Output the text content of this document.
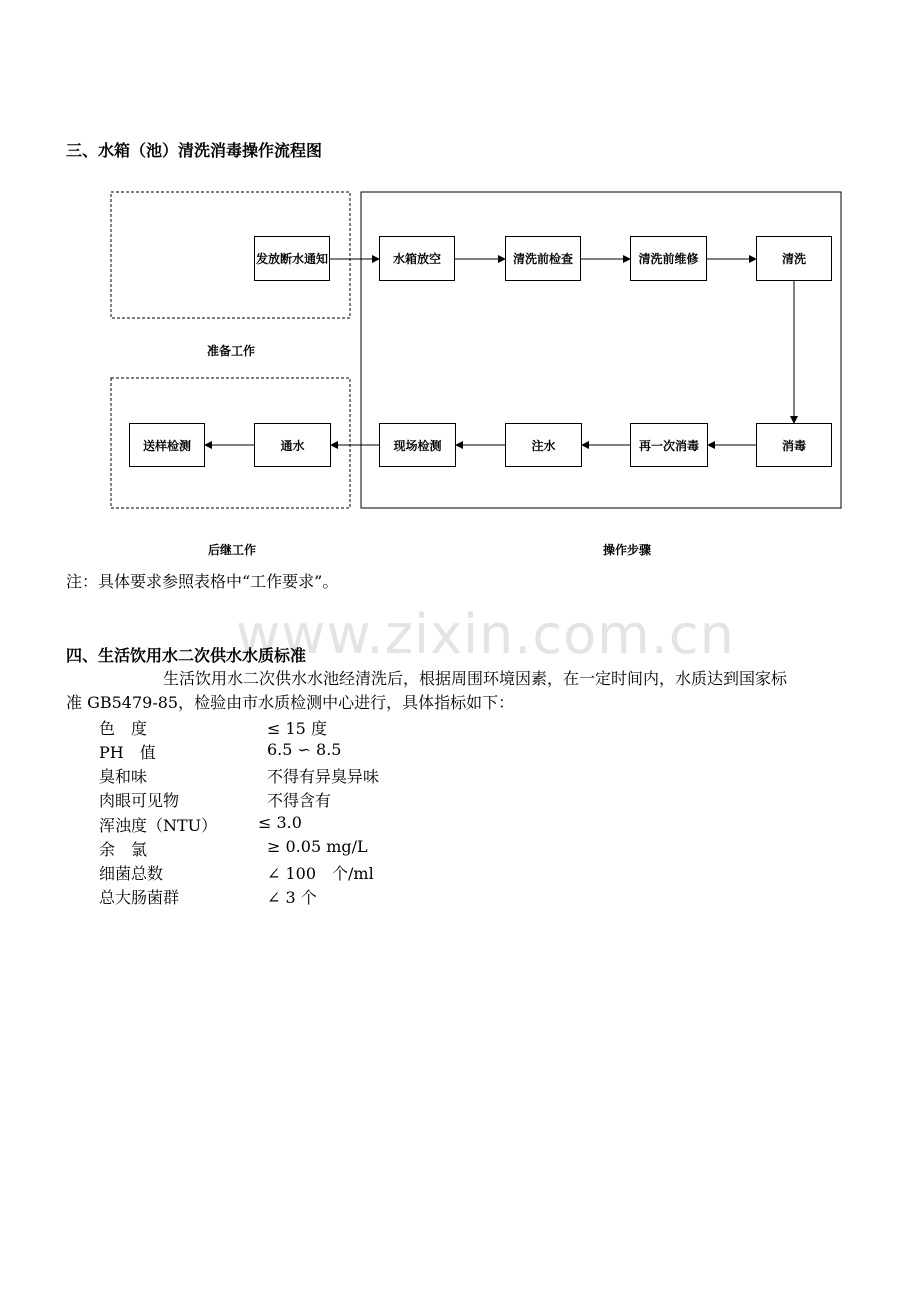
三、水箱（池）清洗消毒操作流程图
发放断水通知	水箱放空	清洗前检查	清洗前维修	清洗
送样检测	通水	现场检测	注水	再一次消毒	消毒
准备工作
后继工作	操作步骤
注：具体要求参照表格中“工作要求”。
www.zixin.com.cn
四、生活饮用水二次供水水质标准
生活饮用水二次供水水池经清洗后，根据周围环境因素，在一定时间内，水质达到国家标
准 GB5479-85，检验由市水质检测中心进行，具体指标如下：
色　度	≤ 15 度
PH　值	6.5 ∽ 8.5
臭和味	不得有异臭异味
肉眼可见物	不得含有
浑浊度（NTU）	≤ 3.0
余　氯	≥ 0.05 mg/L
细菌总数	∠ 100　个/ml
总大肠菌群	∠ 3 个
